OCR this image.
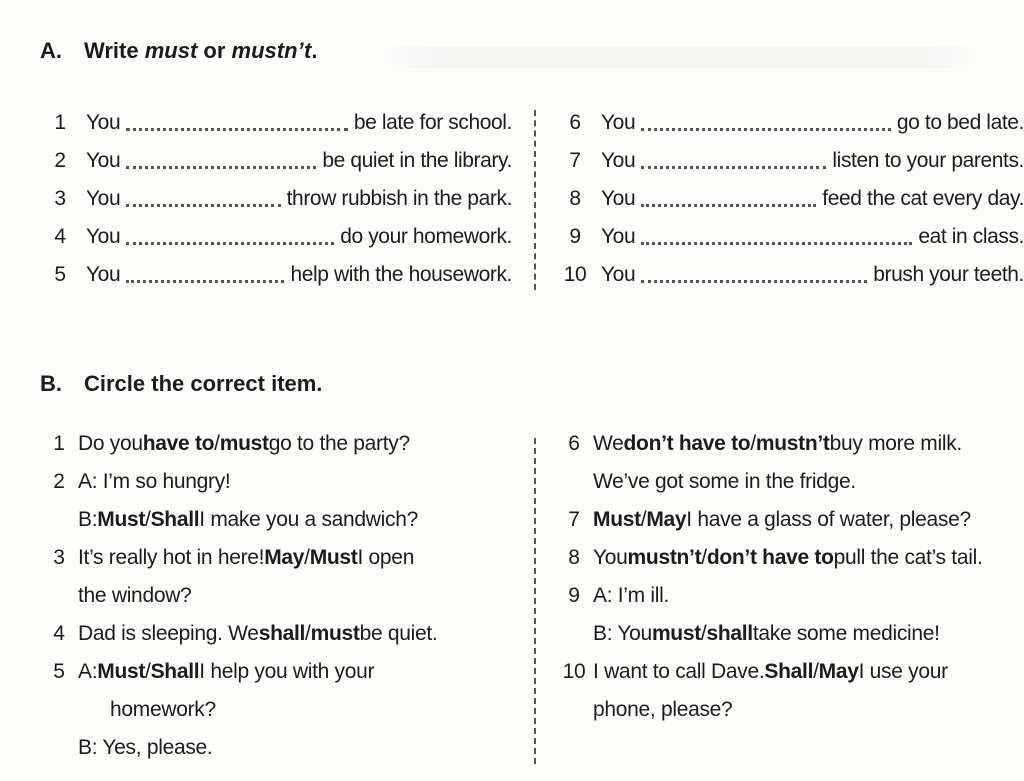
A. Write must or mustn’t.
1 You	be late for school.
2 You	be quiet in the library.
3 You	throw rubbish in the park.
4 You	do your homework.
5 You	help with the housework.
6 You	go to bed late.
7 You	listen to your parents.
8 You	feed the cat every day.
9 You	eat in class.
10 You	brush your teeth.
B. Circle the correct item.
1 Do you have to / must go to the party?
2 A: I’m so hungry!
B: Must / Shall I make you a sandwich?
3 It’s really hot in here! May / Must I open
the window?
4 Dad is sleeping. We shall / must be quiet.
5 A: Must / Shall I help you with your
homework?
B: Yes, please.
6 We don’t have to / mustn’t buy more milk.
We’ve got some in the fridge.
7 Must / May I have a glass of water, please?
8 You mustn’t / don’t have to pull the cat’s tail.
9 A: I’m ill.
B: You must / shall take some medicine!
10 I want to call Dave. Shall / May I use your
phone, please?
